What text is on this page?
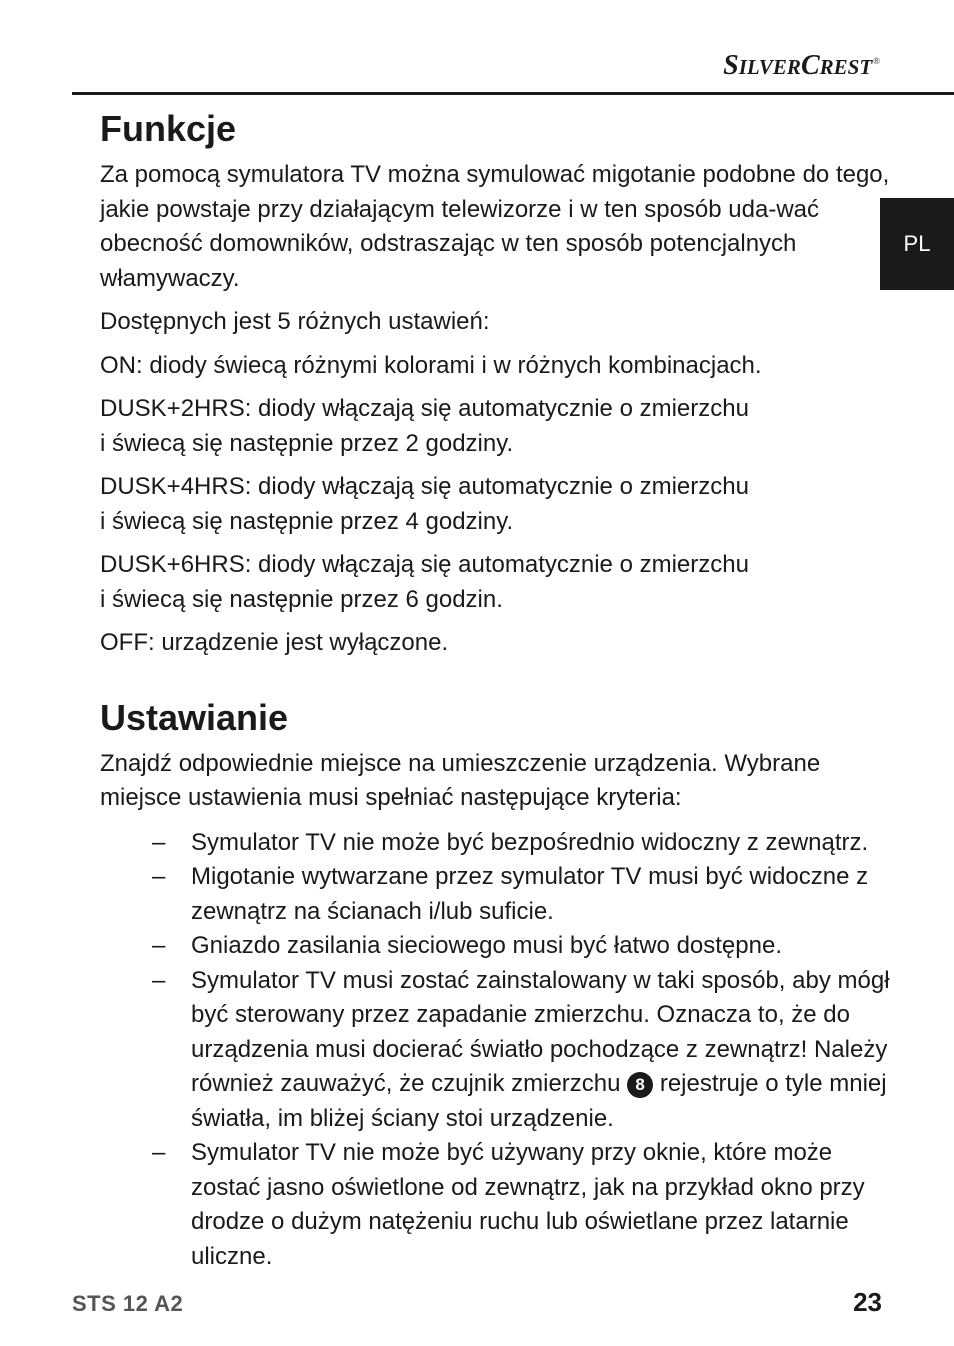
SILVERCREST®
PL
Funkcje

Za pomocą symulatora TV można symulować migotanie podobne do tego, jakie powstaje przy działającym telewizorze i w ten sposób uda-wać obecność domowników, odstraszając w ten sposób potencjalnych włamywaczy.

Dostępnych jest 5 różnych ustawień:

ON: diody świecą różnymi kolorami i w różnych kombinacjach.

DUSK+2HRS: diody włączają się automatycznie o zmierzchu
i świecą się następnie przez 2 godziny.

DUSK+4HRS: diody włączają się automatycznie o zmierzchu
i świecą się następnie przez 4 godziny.

DUSK+6HRS: diody włączają się automatycznie o zmierzchu
i świecą się następnie przez 6 godzin.

OFF: urządzenie jest wyłączone.

Ustawianie

Znajdź odpowiednie miejsce na umieszczenie urządzenia. Wybrane miejsce ustawienia musi spełniać następujące kryteria:

– Symulator TV nie może być bezpośrednio widoczny z zewnątrz.
– Migotanie wytwarzane przez symulator TV musi być widoczne z zewnątrz na ścianach i/lub suficie.
– Gniazdo zasilania sieciowego musi być łatwo dostępne.
– Symulator TV musi zostać zainstalowany w taki sposób, aby mógł być sterowany przez zapadanie zmierzchu. Oznacza to, że do urządzenia musi docierać światło pochodzące z zewnątrz! Należy również zauważyć, że czujnik zmierzchu 8 rejestruje o tyle mniej światła, im bliżej ściany stoi urządzenie.
– Symulator TV nie może być używany przy oknie, które może zostać jasno oświetlone od zewnątrz, jak na przykład okno przy drodze o dużym natężeniu ruchu lub oświetlane przez latarnie uliczne.
STS 12 A2	23
